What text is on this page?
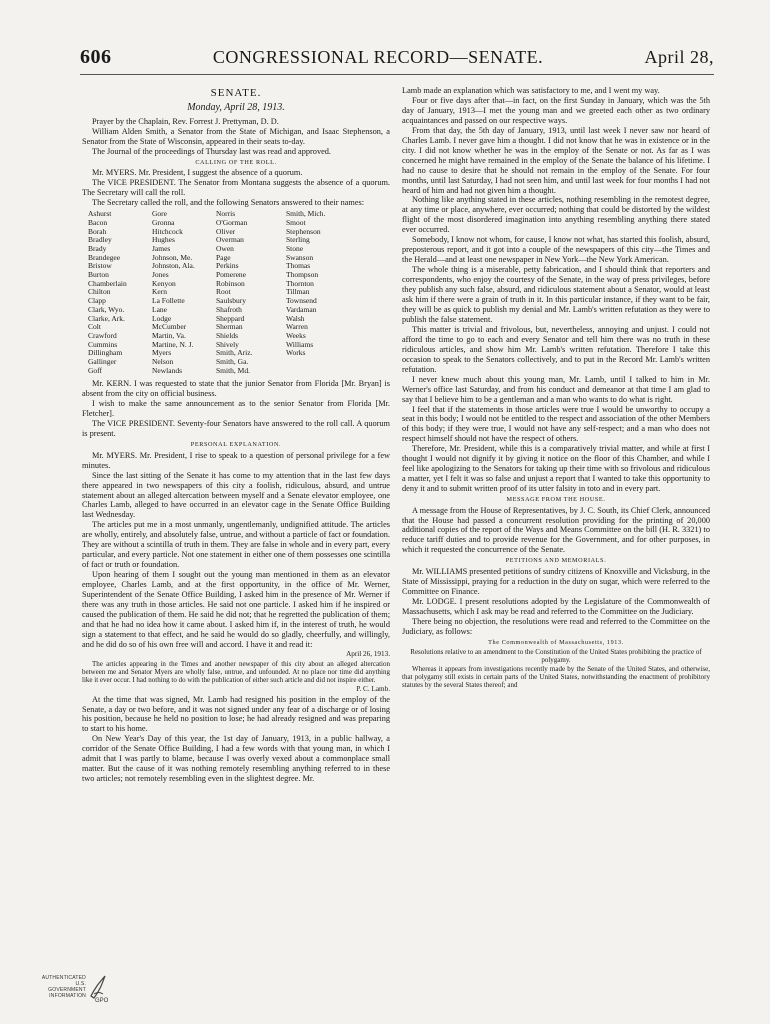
606	CONGRESSIONAL RECORD—SENATE.	April 28,
SENATE.
Monday, April 28, 1913.

Prayer by the Chaplain, Rev. Forrest J. Prettyman, D. D.

William Alden Smith, a Senator from the State of Michigan, and Isaac Stephenson, a Senator from the State of Wisconsin, appeared in their seats to-day.

The Journal of the proceedings of Thursday last was read and approved.

CALLING OF THE ROLL.

Mr. MYERS. Mr. President, I suggest the absence of a quorum.

The VICE PRESIDENT. The Senator from Montana suggests the absence of a quorum. The Secretary will call the roll.

The Secretary called the roll, and the following Senators answered to their names:

Ashurst
Bacon
Borah
Bradley
Brady
Brandegee
Bristow
Burton
Chamberlain
Chilton
Clapp
Clark, Wyo.
Clarke, Ark.
Colt
Crawford
Cummins
Dillingham
Gallinger
Goff
Gore
Gronna
Hitchcock
Hughes
James
Johnson, Me.
Johnston, Ala.
Jones
Kenyon
Kern
La Follette
Lane
Lodge
McCumber
Martin, Va.
Martine, N. J.
Myers
Nelson
Newlands
Norris
O'Gorman
Oliver
Overman
Owen
Page
Perkins
Pomerene
Robinson
Root
Saulsbury
Shafroth
Sheppard
Sherman
Shields
Shively
Smith, Ariz.
Smith, Ga.
Smith, Md.
Smith, Mich.
Smoot
Stephenson
Sterling
Stone
Swanson
Thomas
Thompson
Thornton
Tillman
Townsend
Vardaman
Walsh
Warren
Weeks
Williams
Works

Mr. KERN. I was requested to state that the junior Senator from Florida [Mr. Bryan] is absent from the city on official business.

I wish to make the same announcement as to the senior Senator from Florida [Mr. Fletcher].

The VICE PRESIDENT. Seventy-four Senators have answered to the roll call. A quorum is present.

PERSONAL EXPLANATION.

Mr. MYERS. Mr. President, I rise to speak to a question of personal privilege for a few minutes.

Since the last sitting of the Senate it has come to my attention that in the last few days there appeared in two newspapers of this city a foolish, ridiculous, absurd, and untrue statement about an alleged altercation between myself and a Senate elevator employee, one Charles Lamb, alleged to have occurred in an elevator cage in the Senate Office Building last Wednesday.

The articles put me in a most unmanly, ungentlemanly, undignified attitude. The articles are wholly, entirely, and absolutely false, untrue, and without a particle of fact or foundation. They are without a scintilla of truth in them. They are false in whole and in every part, every particular, and every particle. Not one statement in either one of them possesses one scintilla of fact or truth or foundation.

Upon hearing of them I sought out the young man mentioned in them as an elevator employee, Charles Lamb, and at the first opportunity, in the office of Mr. Werner, Superintendent of the Senate Office Building, I asked him in the presence of Mr. Werner if there was any truth in those articles. He said not one particle. I asked him if he inspired or caused the publication of them. He said he did not; that he regretted the publication of them; and that he had no idea how it came about. I asked him if, in the interest of truth, he would sign a statement to that effect, and he said he would do so gladly, cheerfully, and willingly, and he did do so of his own free will and accord. I have it and read it:

April 26, 1913.

The articles appearing in the Times and another newspaper of this city about an alleged altercation between me and Senator Myers are wholly false, untrue, and unfounded. At no place nor time did anything like it ever occur. I had nothing to do with the publication of either such article and did not inspire either.

P. C. Lamb.

At the time that was signed, Mr. Lamb had resigned his position in the employ of the Senate, a day or two before, and it was not signed under any fear of a discharge or of losing his position, because he held no position to lose; he had already resigned and was preparing to start to his home.

On New Year's Day of this year, the 1st day of January, 1913, in a public hallway, a corridor of the Senate Office Building, I had a few words with that young man, in which I admit that I was partly to blame, because I was overly vexed about a commonplace small matter. But the cause of it was nothing remotely resembling anything referred to in these two articles; not remotely resembling even in the slightest degree. Mr.

Lamb made an explanation which was satisfactory to me, and I went my way.

Four or five days after that—in fact, on the first Sunday in January, which was the 5th day of January, 1913—I met the young man and we greeted each other as two ordinary acquaintances and passed on our respective ways.

From that day, the 5th day of January, 1913, until last week I never saw nor heard of Charles Lamb. I never gave him a thought. I did not know that he was in existence or in the city. I did not know whether he was in the employ of the Senate or not. As far as I was concerned he might have remained in the employ of the Senate the balance of his lifetime. I had no cause to desire that he should not remain in the employ of the Senate. For four months, until last Saturday, I had not seen him, and until last week for four months I had not heard of him and had not given him a thought.

Nothing like anything stated in these articles, nothing resembling in the remotest degree, at any time or place, anywhere, ever occurred; nothing that could be distorted by the wildest flight of the most disordered imagination into anything resembling anything there stated ever occurred.

Somebody, I know not whom, for cause, I know not what, has started this foolish, absurd, preposterous report, and it got into a couple of the newspapers of this city—the Times and the Herald—and at least one newspaper in New York—the New York American.

The whole thing is a miserable, petty fabrication, and I should think that reporters and correspondents, who enjoy the courtesy of the Senate, in the way of press privileges, before they publish any such false, absurd, and ridiculous statement about a Senator, would at least ask him if there were a grain of truth in it. In this particular instance, if they want to be fair, they will be as quick to publish my denial and Mr. Lamb's written refutation as they were to publish the false statement.

This matter is trivial and frivolous, but, nevertheless, annoying and unjust. I could not afford the time to go to each and every Senator and tell him there was no truth in these ridiculous articles, and show him Mr. Lamb's written refutation. Therefore I take this occasion to speak to the Senators collectively, and to put in the Record Mr. Lamb's written refutation.

I never knew much about this young man, Mr. Lamb, until I talked to him in Mr. Werner's office last Saturday, and from his conduct and demeanor at that time I am glad to say that I believe him to be a gentleman and a man who wants to do what is right.

I feel that if the statements in those articles were true I would be unworthy to occupy a seat in this body; I would not be entitled to the respect and association of the other Members of this body; if they were true, I would not have any self-respect; and a man who does not respect himself should not have the respect of others.

Therefore, Mr. President, while this is a comparatively trivial matter, and while at first I thought I would not dignify it by giving it notice on the floor of this Chamber, and while I feel like apologizing to the Senators for taking up their time with so frivolous and ridiculous a matter, yet I felt it was so false and unjust a report that I wanted to take this opportunity to deny it and to submit written proof of its utter falsity in toto and in every part.

MESSAGE FROM THE HOUSE.

A message from the House of Representatives, by J. C. South, its Chief Clerk, announced that the House had passed a concurrent resolution providing for the printing of 20,000 additional copies of the report of the Ways and Means Committee on the bill (H. R. 3321) to reduce tariff duties and to provide revenue for the Government, and for other purposes, in which it requested the concurrence of the Senate.

PETITIONS AND MEMORIALS.

Mr. WILLIAMS presented petitions of sundry citizens of Knoxville and Vicksburg, in the State of Mississippi, praying for a reduction in the duty on sugar, which were referred to the Committee on Finance.

Mr. LODGE. I present resolutions adopted by the Legislature of the Commonwealth of Massachusetts, which I ask may be read and referred to the Committee on the Judiciary.

There being no objection, the resolutions were read and referred to the Committee on the Judiciary, as follows:

The Commonwealth of Massachusetts, 1913.

Resolutions relative to an amendment to the Constitution of the United States prohibiting the practice of polygamy.

Whereas it appears from investigations recently made by the Senate of the United States, and otherwise, that polygamy still exists in certain parts of the United States, notwithstanding the enactment of prohibitory statutes by the several States thereof; and

AUTHENTICATED U.S. GOVERNMENT INFORMATION
GPO
